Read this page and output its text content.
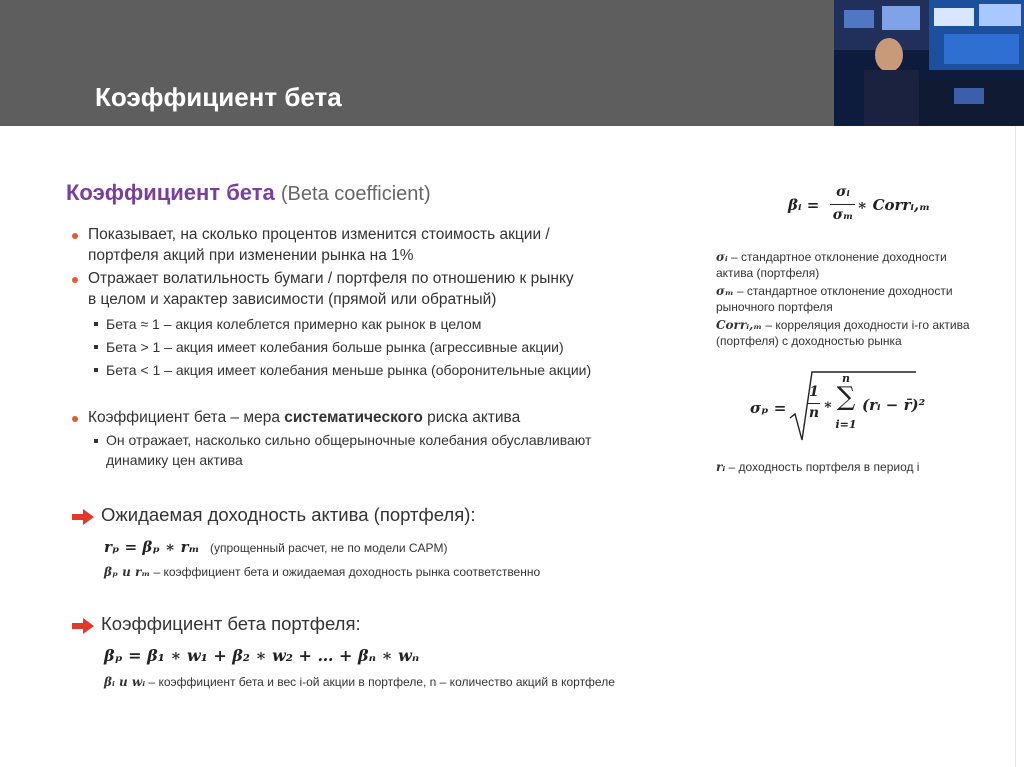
Коэффициент бета
Коэффициент бета (Beta coefficient)
Показывает, на сколько процентов изменится стоимость акции /
портфеля акций при изменении рынка на 1%
Отражает волатильность бумаги / портфеля по отношению к рынку
в целом и характер зависимости (прямой или обратный)
Бета ≈ 1 – акция колеблется примерно как рынок в целом
Бета > 1 – акция имеет колебания больше рынка (агрессивные акции)
Бета < 1 – акция имеет колебания меньше рынка (оборонительные акции)
Коэффициент бета – мера систематического риска актива
Он отражает, насколько сильно общерыночные колебания обуславливают
динамику цен актива
Ожидаемая доходность актива (портфеля):
rₚ = βₚ ∗ rₘ (упрощенный расчет, не по модели CAPM)
βₚ и rₘ – коэффициент бета и ожидаемая доходность рынка соответственно
Коэффициент бета портфеля:
βₚ = β₁ ∗ w₁ + β₂ ∗ w₂ + … + βₙ ∗ wₙ
βᵢ и wᵢ – коэффициент бета и вес i-ой акции в портфеле, n – количество акций в кортфеле
βᵢ =
σᵢ
σₘ
∗ Corrᵢ,ₘ
σᵢ – стандартное отклонение доходности
актива (портфеля)
σₘ – стандартное отклонение доходности
рыночного портфеля
Corrᵢ,ₘ – корреляция доходности i-го актива
(портфеля) с доходностью рынка
σₚ =
1
n ∗
n
∑
i=1
(rᵢ − r̄)²
rᵢ – доходность портфеля в период i
